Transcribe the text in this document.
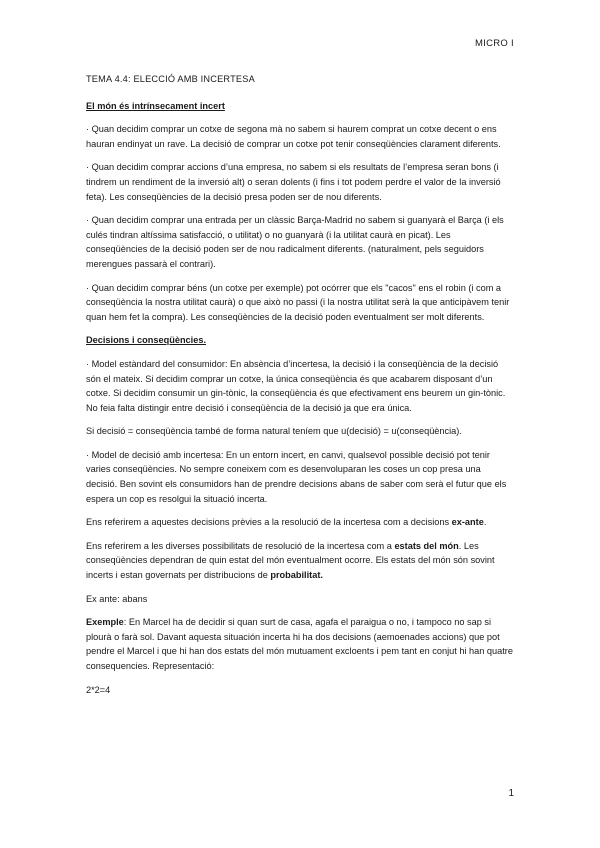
MICRO I

TEMA 4.4: ELECCIÓ AMB INCERTESA

El món és intrínsecament incert

· Quan decidim comprar un cotxe de segona mà no sabem si haurem comprat un cotxe decent o ens hauran endinyat un rave. La decisió de comprar un cotxe pot tenir conseqüències clarament diferents.

· Quan decidim comprar accions d’una empresa, no sabem si els resultats de l’empresa seran bons (i tindrem un rendiment de la inversió alt) o seran dolents (i fins i tot podem perdre el valor de la inversió feta). Les conseqüències de la decisió presa poden ser de nou diferents.

· Quan decidim comprar una entrada per un clàssic Barça-Madrid no sabem si guanyarà el Barça (i els culés tindran altíssima satisfacció, o utilitat) o no guanyarà (i la utilitat caurà en picat). Les conseqüències de la decisió poden ser de nou radicalment diferents. (naturalment, pels seguidors merengues passarà el contrari).

· Quan decidim comprar béns (un cotxe per exemple) pot ocórrer que els "cacos" ens el robin (i com a conseqüència la nostra utilitat caurà) o que això no passi (i la nostra utilitat serà la que anticipàvem tenir quan hem fet la compra). Les conseqüències de la decisió poden eventualment ser molt diferents.

Decisions i conseqüències.

· Model estàndard del consumidor: En absència d’incertesa, la decisió i la conseqüència de la decisió són el mateix. Si decidim comprar un cotxe, la única conseqüència és que acabarem disposant d’un cotxe. Si decidim consumir un gin-tònic, la conseqüència és que efectivament ens beurem un gin-tònic. No feia falta distingir entre decisió i conseqüència de la decisió ja que era única.

Si decisió = conseqüència també de forma natural teníem que u(decisió) = u(conseqüència).

· Model de decisió amb incertesa: En un entorn incert, en canvi, qualsevol possible decisió pot tenir varies conseqüències. No sempre coneixem com es desenvoluparan les coses un cop presa una decisió. Ben sovint els consumidors han de prendre decisions abans de saber com serà el futur que els espera un cop es resolgui la situació incerta.

Ens referirem a aquestes decisions prèvies a la resolució de la incertesa com a decisions ex-ante.

Ens referirem a les diverses possibilitats de resolució de la incertesa com a estats del món. Les conseqüències dependran de quin estat del món eventualment ocorre. Els estats del món són sovint incerts i estan governats per distribucions de probabilitat.

Ex ante: abans

Exemple: En Marcel ha de decidir si quan surt de casa, agafa el paraigua o no, i tampoco no sap si plourà o farà sol. Davant aquesta situación incerta hi ha dos decisions (aemoenades accions) que pot pendre el Marcel i que hi han dos estats del món mutuament excloents i pem tant en conjut hi han quatre consequencies. Representació:

2*2=4

1
